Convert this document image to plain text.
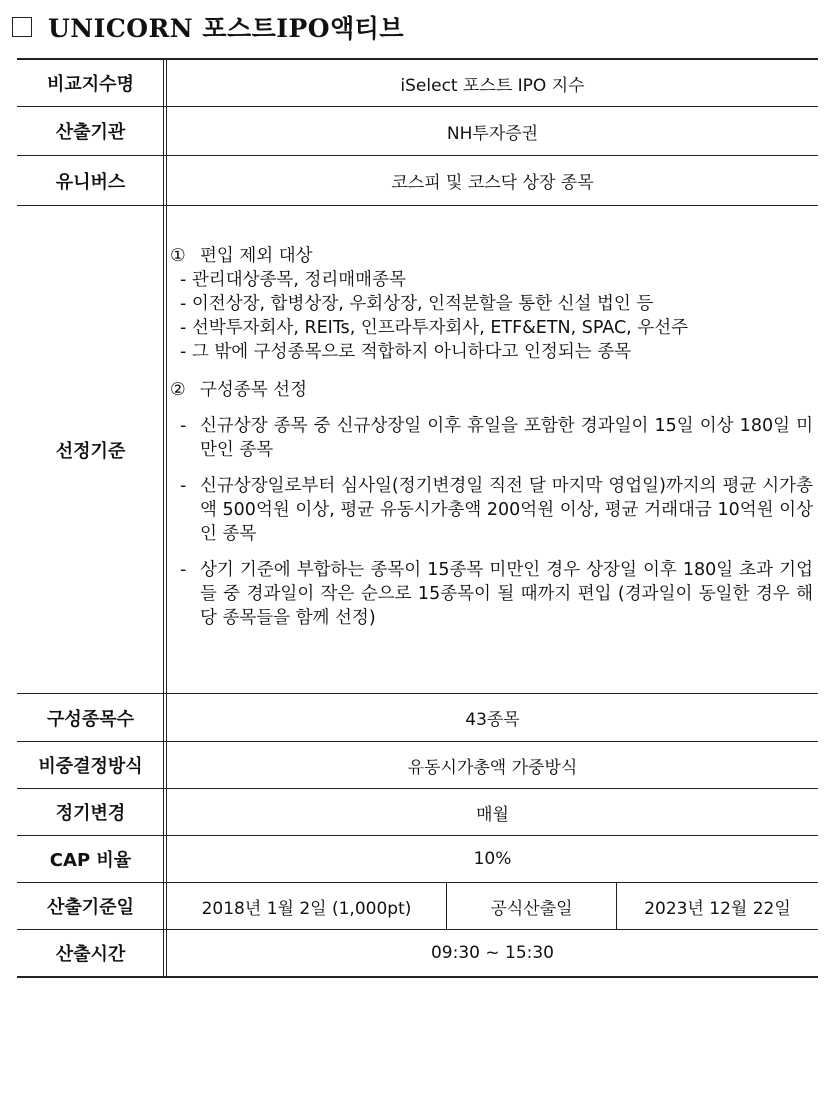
UNICORN 포스트IPO액티브
비교지수명	iSelect 포스트 IPO 지수
산출기관	NH투자증권
유니버스	코스피 및 코스닥 상장 종목
선정기준
① 편입 제외 대상
- 관리대상종목, 정리매매종목
- 이전상장, 합병상장, 우회상장, 인적분할을 통한 신설 법인 등
- 선박투자회사, REITs, 인프라투자회사, ETF&ETN, SPAC, 우선주
- 그 밖에 구성종목으로 적합하지 아니하다고 인정되는 종목
② 구성종목 선정
- 신규상장 종목 중 신규상장일 이후 휴일을 포함한 경과일이 15일 이상 180일 미만인 종목
- 신규상장일로부터 심사일(정기변경일 직전 달 마지막 영업일)까지의 평균 시가총액 500억원 이상, 평균 유동시가총액 200억원 이상, 평균 거래대금 10억원 이상인 종목
- 상기 기준에 부합하는 종목이 15종목 미만인 경우 상장일 이후 180일 초과 기업들 중 경과일이 작은 순으로 15종목이 될 때까지 편입 (경과일이 동일한 경우 해당 종목들을 함께 선정)
구성종목수	43종목
비중결정방식	유동시가총액 가중방식
정기변경	매월
CAP 비율	10%
산출기준일	2018년 1월 2일 (1,000pt)	공식산출일	2023년 12월 22일
산출시간	09:30 ~ 15:30
